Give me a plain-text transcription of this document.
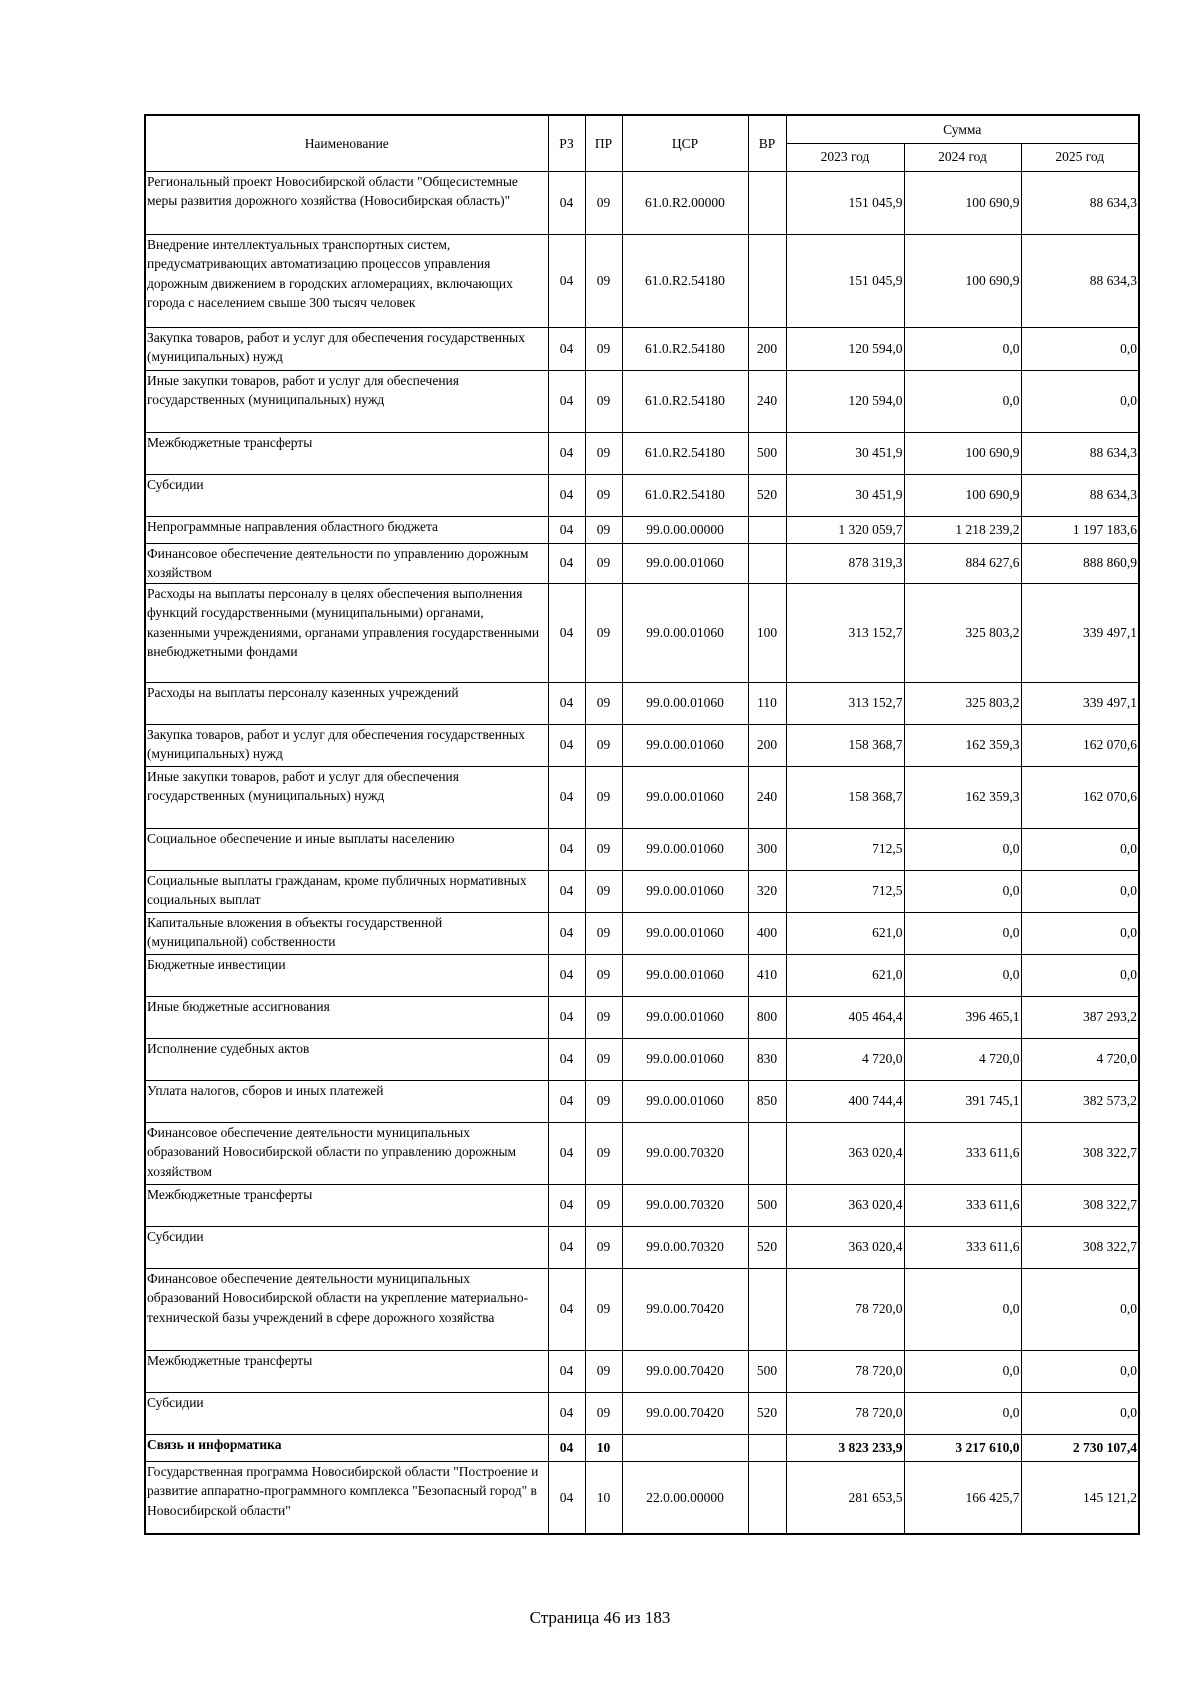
Наименование	РЗ	ПР	ЦСР	ВР	Сумма		
					2023 год	2024 год	2025 год
Региональный проект Новосибирской области "Общесистемные меры развития дорожного хозяйства (Новосибирская область)"	04	09	61.0.R2.00000		151 045,9	100 690,9	88 634,3
Внедрение интеллектуальных транспортных систем, предусматривающих автоматизацию процессов управления дорожным движением в городских агломерациях, включающих города с населением свыше 300 тысяч человек	04	09	61.0.R2.54180		151 045,9	100 690,9	88 634,3
Закупка товаров, работ и услуг для обеспечения государственных (муниципальных) нужд	04	09	61.0.R2.54180	200	120 594,0	0,0	0,0
Иные закупки товаров, работ и услуг для обеспечения государственных (муниципальных) нужд	04	09	61.0.R2.54180	240	120 594,0	0,0	0,0
Межбюджетные трансферты	04	09	61.0.R2.54180	500	30 451,9	100 690,9	88 634,3
Субсидии	04	09	61.0.R2.54180	520	30 451,9	100 690,9	88 634,3
Непрограммные направления областного бюджета	04	09	99.0.00.00000		1 320 059,7	1 218 239,2	1 197 183,6
Финансовое обеспечение деятельности по управлению дорожным хозяйством	04	09	99.0.00.01060		878 319,3	884 627,6	888 860,9
Расходы на выплаты персоналу в целях обеспечения выполнения функций государственными (муниципальными) органами, казенными учреждениями, органами управления государственными внебюджетными фондами	04	09	99.0.00.01060	100	313 152,7	325 803,2	339 497,1
Расходы на выплаты персоналу казенных учреждений	04	09	99.0.00.01060	110	313 152,7	325 803,2	339 497,1
Закупка товаров, работ и услуг для обеспечения государственных (муниципальных) нужд	04	09	99.0.00.01060	200	158 368,7	162 359,3	162 070,6
Иные закупки товаров, работ и услуг для обеспечения государственных (муниципальных) нужд	04	09	99.0.00.01060	240	158 368,7	162 359,3	162 070,6
Социальное обеспечение и иные выплаты населению	04	09	99.0.00.01060	300	712,5	0,0	0,0
Социальные выплаты гражданам, кроме публичных нормативных социальных выплат	04	09	99.0.00.01060	320	712,5	0,0	0,0
Капитальные вложения в объекты государственной (муниципальной) собственности	04	09	99.0.00.01060	400	621,0	0,0	0,0
Бюджетные инвестиции	04	09	99.0.00.01060	410	621,0	0,0	0,0
Иные бюджетные ассигнования	04	09	99.0.00.01060	800	405 464,4	396 465,1	387 293,2
Исполнение судебных актов	04	09	99.0.00.01060	830	4 720,0	4 720,0	4 720,0
Уплата налогов, сборов и иных платежей	04	09	99.0.00.01060	850	400 744,4	391 745,1	382 573,2
Финансовое обеспечение деятельности муниципальных образований Новосибирской области по управлению дорожным хозяйством	04	09	99.0.00.70320		363 020,4	333 611,6	308 322,7
Межбюджетные трансферты	04	09	99.0.00.70320	500	363 020,4	333 611,6	308 322,7
Субсидии	04	09	99.0.00.70320	520	363 020,4	333 611,6	308 322,7
Финансовое обеспечение деятельности муниципальных образований Новосибирской области на укрепление материально-технической базы учреждений в сфере дорожного хозяйства	04	09	99.0.00.70420		78 720,0	0,0	0,0
Межбюджетные трансферты	04	09	99.0.00.70420	500	78 720,0	0,0	0,0
Субсидии	04	09	99.0.00.70420	520	78 720,0	0,0	0,0
Связь и информатика	04	10			3 823 233,9	3 217 610,0	2 730 107,4
Государственная программа Новосибирской области "Построение и развитие аппаратно-программного комплекса "Безопасный город" в Новосибирской области"	04	10	22.0.00.00000		281 653,5	166 425,7	145 121,2
Страница 46 из 183
